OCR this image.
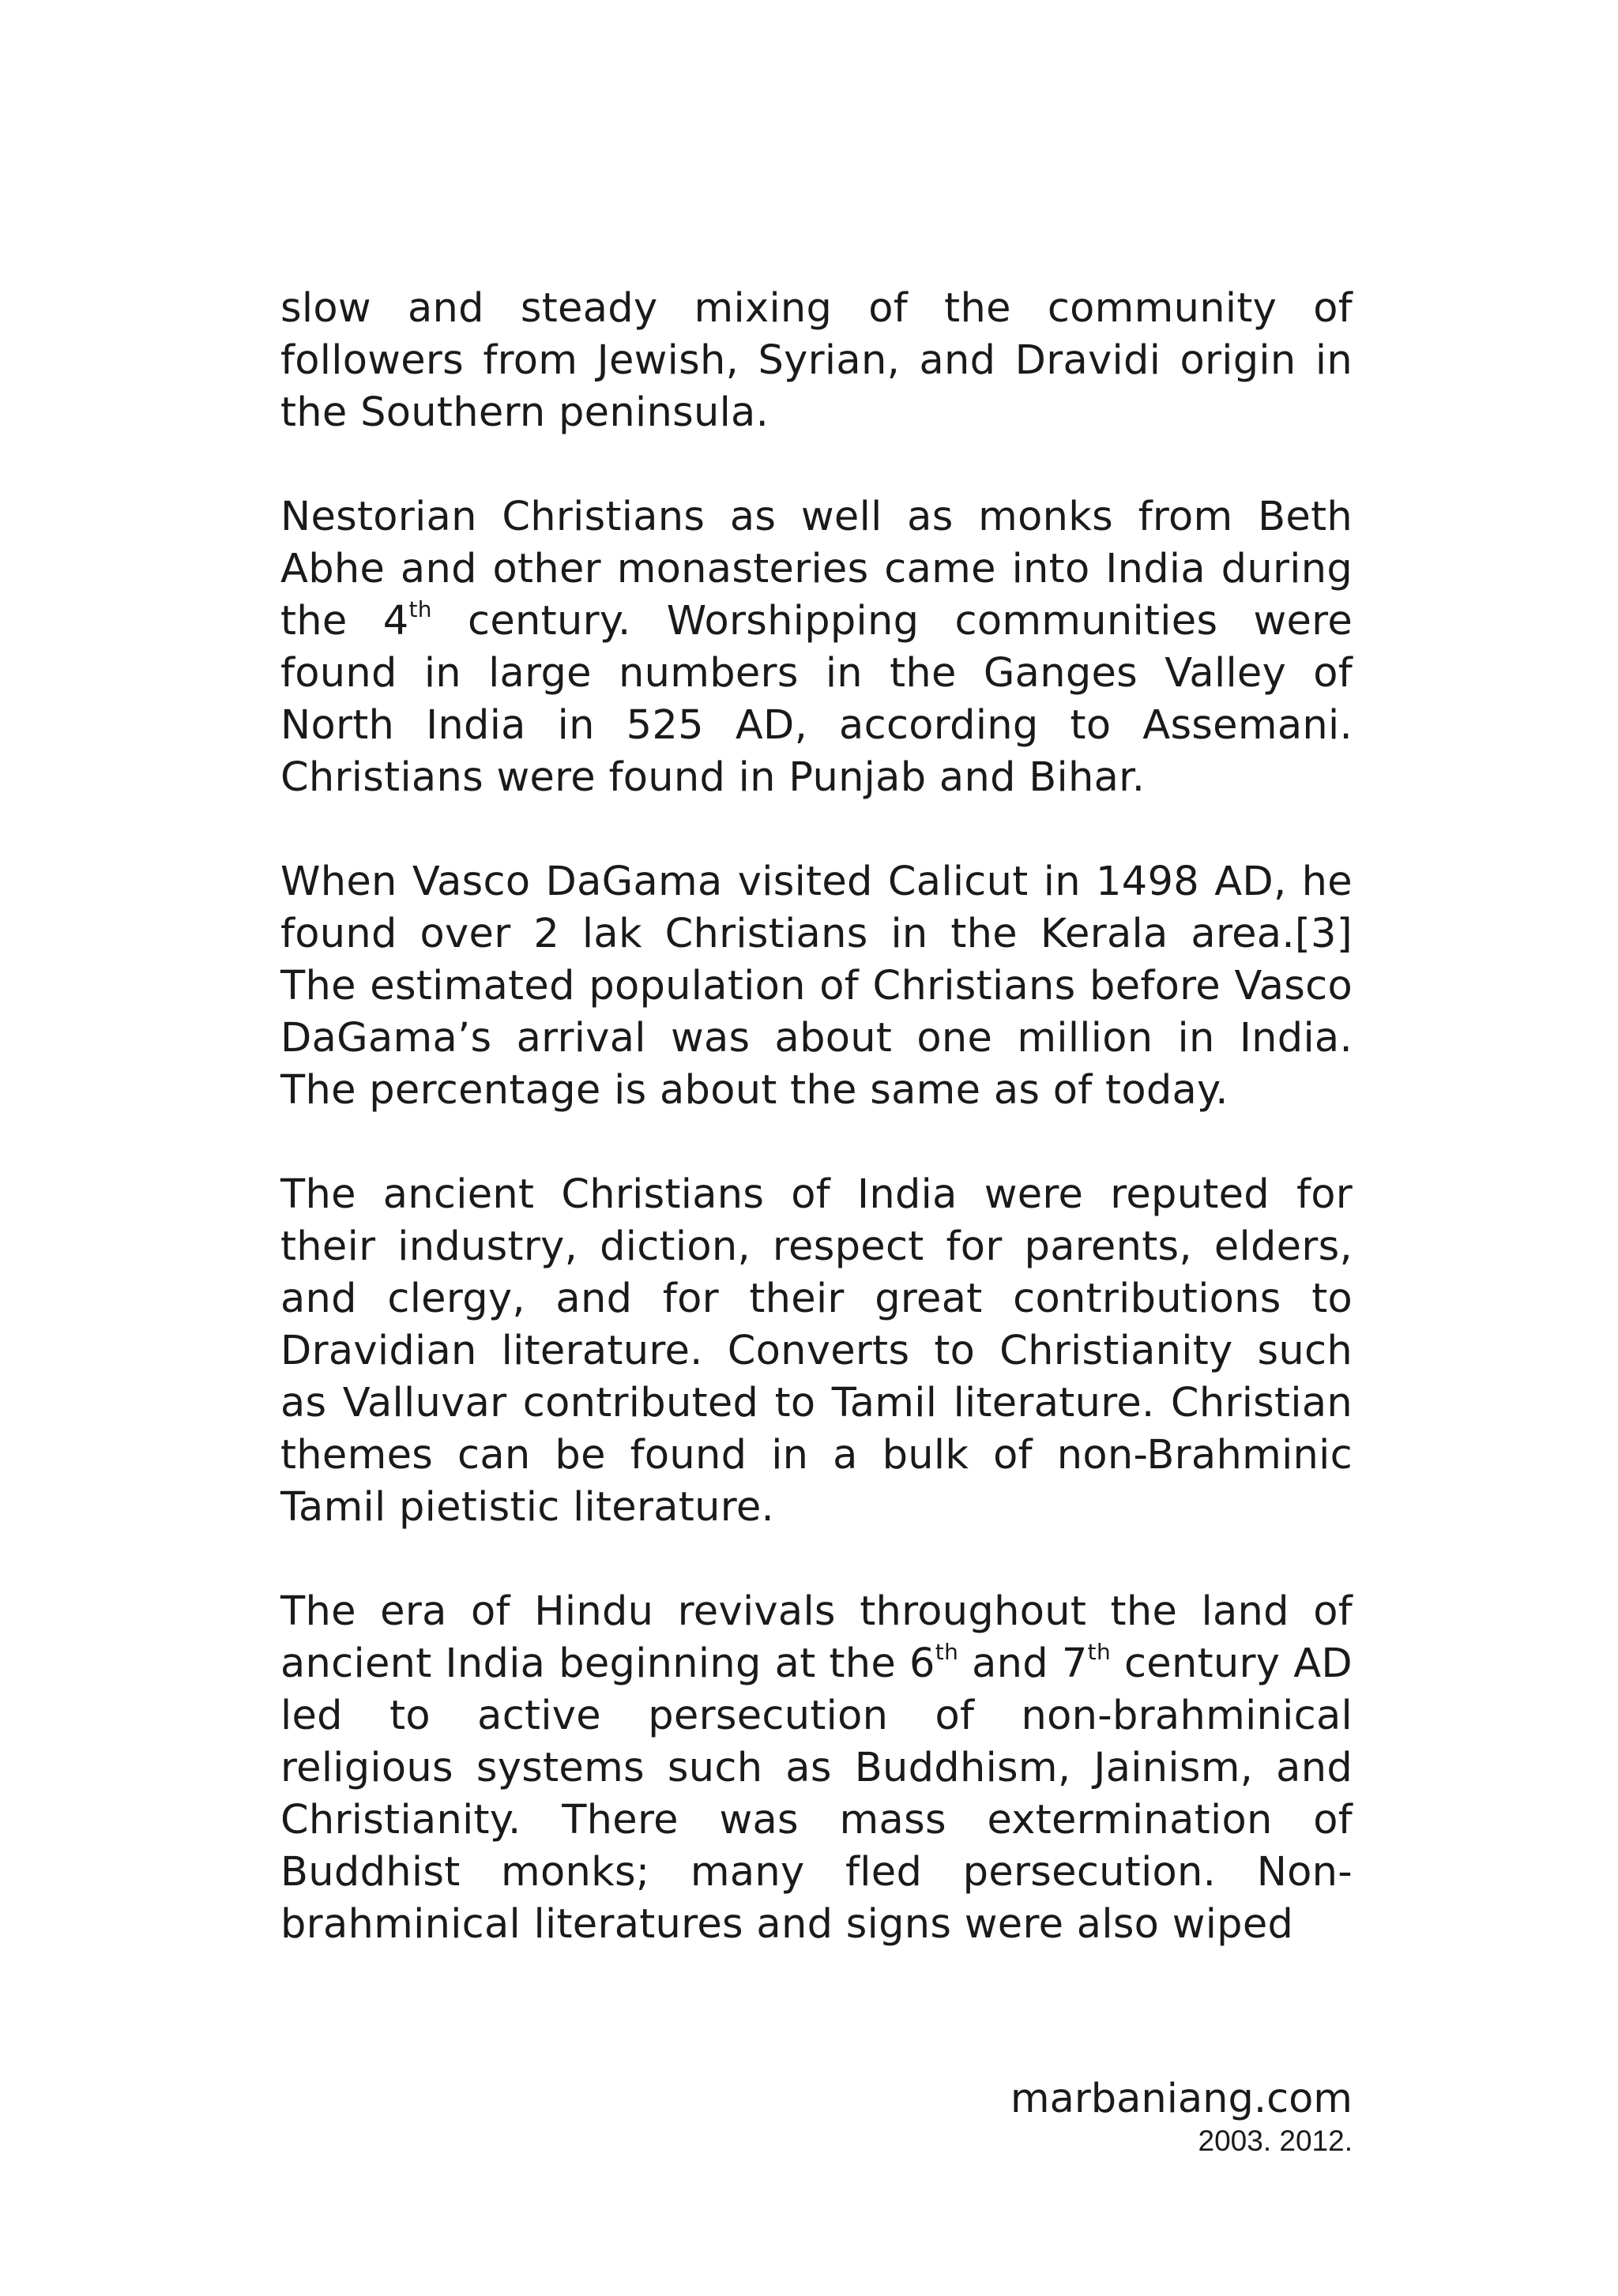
slow and steady mixing of the community of followers from Jewish, Syrian, and Dravidi origin in the Southern peninsula.

Nestorian Christians as well as monks from Beth Abhe and other monasteries came into India during the 4th century. Worshipping communities were found in large numbers in the Ganges Valley of North India in 525 AD, according to Assemani. Christians were found in Punjab and Bihar.

When Vasco DaGama visited Calicut in 1498 AD, he found over 2 lak Christians in the Kerala area.[3] The estimated population of Christians before Vasco DaGama’s arrival was about one million in India. The percentage is about the same as of today.

The ancient Christians of India were reputed for their industry, diction, respect for parents, elders, and clergy, and for their great contributions to Dravidian literature. Converts to Christianity such as Valluvar contributed to Tamil literature. Christian themes can be found in a bulk of non-Brahminic Tamil pietistic literature.

The era of Hindu revivals throughout the land of ancient India beginning at the 6th and 7th century AD led to active persecution of non-brahminical religious systems such as Buddhism, Jainism, and Christianity. There was mass extermination of Buddhist monks; many fled persecution. Non-brahminical literatures and signs were also wiped

marbaniang.com
2003. 2012.
